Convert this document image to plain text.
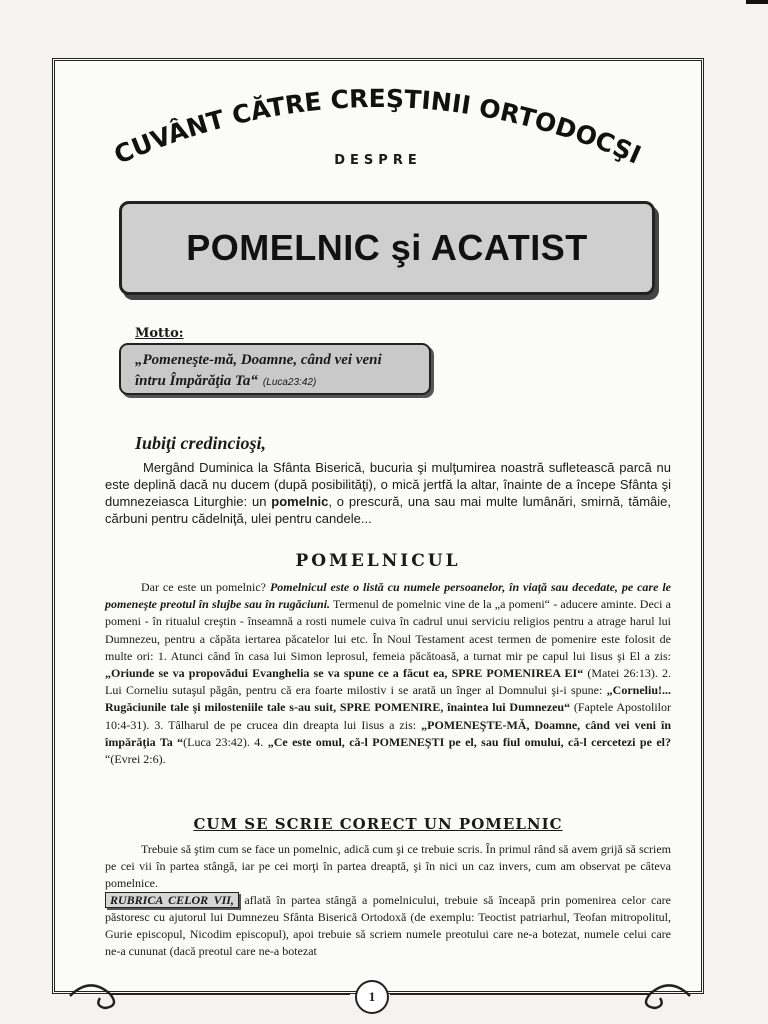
CUVÂNT CĂTRE CREŞTINII ORTODOCŞI
DESPRE
POMELNIC şi ACATIST
Motto:
„Pomeneşte-mă, Doamne, când vei veni întru Împărăţia Ta“ (Luca23:42)
Iubiţi credincioşi,
Mergând Duminica la Sfânta Biserică, bucuria şi mulţumirea noastră sufletească parcă nu este deplină dacă nu ducem (după posibilităţi), o mică jertfă la altar, înainte de a începe Sfânta şi dumnezeiasca Liturghie: un pomelnic, o prescură, una sau mai multe lumânări, smirnă, tămâie, cărbuni pentru cădelniţă, ulei pentru candele...
POMELNICUL
Dar ce este un pomelnic? Pomelnicul este o listă cu numele persoanelor, în viaţă sau decedate, pe care le pomeneşte preotul în slujbe sau în rugăciuni. Termenul de pomelnic vine de la „a pomeni“ - aducere aminte. Deci a pomeni - în ritualul creştin - înseamnă a rosti numele cuiva în cadrul unui serviciu religios pentru a atrage harul lui Dumnezeu, pentru a căpăta iertarea păcatelor lui etc. În Noul Testament acest termen de pomenire este folosit de multe ori: 1. Atunci când în casa lui Simon leprosul, femeia păcătoasă, a turnat mir pe capul lui Iisus şi El a zis: „Oriunde se va propovădui Evanghelia se va spune ce a făcut ea, SPRE POMENIREA EI“ (Matei 26:13). 2. Lui Corneliu sutaşul păgân, pentru că era foarte milostiv i se arată un înger al Domnului şi-i spune: „Corneliu!... Rugăciunile tale şi milosteniile tale s-au suit, SPRE POMENIRE, înaintea lui Dumnezeu“ (Faptele Apostolilor 10:4-31). 3. Tâlharul de pe crucea din dreapta lui Iisus a zis: „POMENEŞTE-MĂ, Doamne, când vei veni în împărăţia Ta “(Luca 23:42). 4. „Ce este omul, că-l POMENEŞTI pe el, sau fiul omului, că-l cercetezi pe el? “(Evrei 2:6).
CUM SE SCRIE CORECT UN POMELNIC
Trebuie să ştim cum se face un pomelnic, adică cum şi ce trebuie scris. În primul rând să avem grijă să scriem pe cei vii în partea stângă, iar pe cei morţi în partea dreaptă, şi în nici un caz invers, cum am observat pe câteva pomelnice.
RUBRICA CELOR VII, aflată în partea stângă a pomelnicului, trebuie să înceapă prin pomenirea celor care păstoresc cu ajutorul lui Dumnezeu Sfânta Biserică Ortodoxă (de exemplu: Teoctist patriarhul, Teofan mitropolitul, Gurie episcopul, Nicodim episcopul), apoi trebuie să scriem numele preotului care ne-a botezat, numele celui care ne-a cununat (dacă preotul care ne-a botezat
1
